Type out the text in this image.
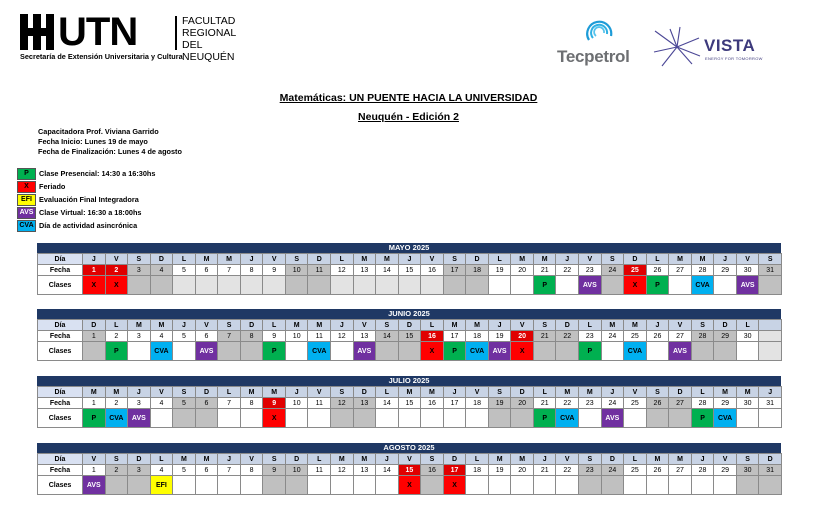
UTN	FACULTAD
REGIONAL DEL
NEUQUÉN
Secretaría de Extensión Universitaria y Cultura	Tecpetrol
VISTA
ENERGY FOR TOMORROW
Matemáticas: UN PUENTE HACIA LA UNIVERSIDAD
Neuquén - Edición 2
Capacitadora Prof. Viviana Garrido
Fecha Inicio: Lunes 19 de mayo
Fecha de Finalización: Lunes 4 de agosto
P	Clase Presencial: 14:30 a 16:30hs
X	Feriado
EFI Evaluación Final Integradora
AVS Clase Virtual: 16:30 a 18:00hs
CVA Día de actividad asincrónica
MAYO 2025
Día	J	V	S	D	L	M	M	J	V	S	D	L	M	M	J	V	S	D	L	M	M	J	V	S	D	L	M	M	J	V	S
Fecha	1	2	3	4	5	6	7	8	9	10	11	12	13	14	15	16	17	18	19	20	21	22	23	24	25	26	27	28	29	30	31
Clases	X	X																			P		AVS		X	P		CVA		AVS	
JUNIO 2025
Día	D	L	M	M	J	V	S	D	L	M	M	J	V	S	D	L	M	M	J	V	S	D	L	M	M	J	V	S	D	L	
Fecha	1	2	3	4	5	6	7	8	9	10	11	12	13	14	15	16	17	18	19	20	21	22	23	24	25	26	27	28	29	30	
Clases		P		CVA		AVS			P		CVA		AVS			X	P	CVA	AVS	X			P		CVA		AVS				
JULIO 2025
Día	M	M	J	V	S	D	L	M	M	J	V	S	D	L	M	M	J	V	S	D	L	M	M	J	V	S	D	L	M	M	J
Fecha	1	2	3	4	5	6	7	8	9	10	11	12	13	14	15	16	17	18	19	20	21	22	23	24	25	26	27	28	29	30	31
Clases	P	CVA	AVS						X												P	CVA		AVS				P	CVA		
AGOSTO 2025
Día	V	S	D	L	M	M	J	V	S	D	L	M	M	J	V	S	D	L	M	M	J	V	S	D	L	M	M	J	V	S	D
Fecha	1	2	3	4	5	6	7	8	9	10	11	12	13	14	15	16	17	18	19	20	21	22	23	24	25	26	27	28	29	30	31
Clases	AVS			EFI											X		X														
